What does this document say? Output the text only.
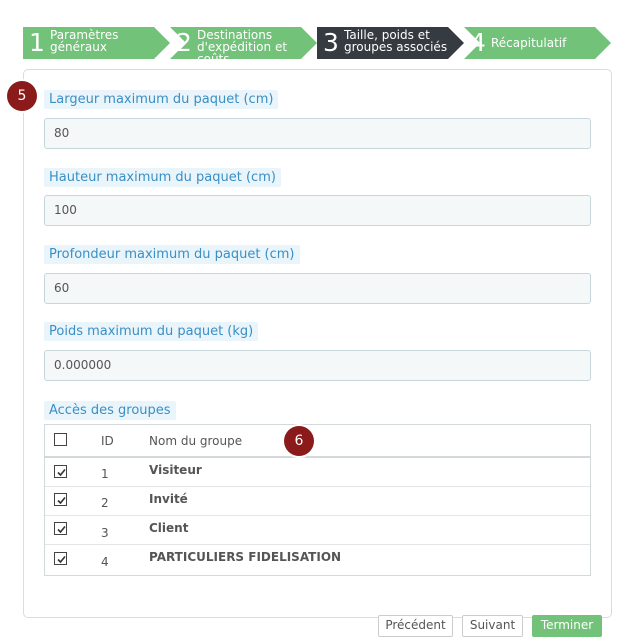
1 Paramètres généraux	2 Destinations d'expédition et coûts
3 Taille, poids et groupes associés 4 Récapitulatif
5	Largeur maximum du paquet (cm)
80
Hauteur maximum du paquet (cm)
100
Profondeur maximum du paquet (cm)
60
Poids maximum du paquet (kg)
0.000000
Accès des groupes
ID	Nom du groupe
1	Visiteur
2	Invité
3	Client
4	PARTICULIERS FIDELISATION
6
Précédent	Suivant	Terminer
